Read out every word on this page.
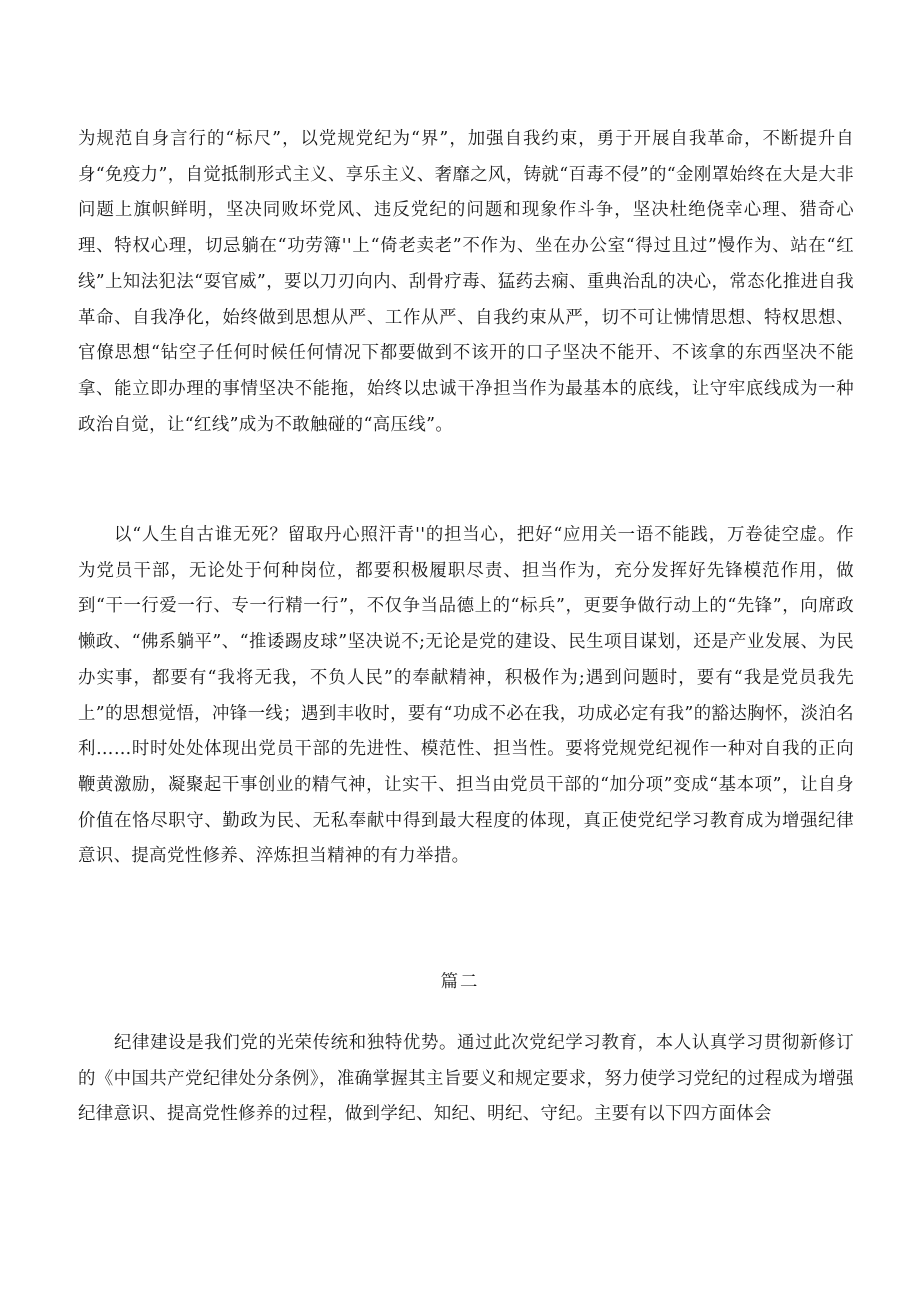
为规范自身言行的“标尺”，以党规党纪为“界”，加强自我约束，勇于开展自我革命，不断提升自身“免疫力”，自觉抵制形式主义、享乐主义、奢靡之风，铸就“百毒不侵”的“金刚罩始终在大是大非问题上旗帜鲜明，坚决同败坏党风、违反党纪的问题和现象作斗争，坚决杜绝侥幸心理、猎奇心理、特权心理，切忌躺在“功劳簿''上“倚老卖老”不作为、坐在办公室“得过且过”慢作为、站在“红线”上知法犯法“耍官威”，要以刀刃向内、刮骨疗毒、猛药去痫、重典治乱的决心，常态化推进自我革命、自我净化，始终做到思想从严、工作从严、自我约束从严，切不可让怫情思想、特权思想、官僚思想“钻空子任何时候任何情况下都要做到不该开的口子坚决不能开、不该拿的东西坚决不能拿、能立即办理的事情坚决不能拖，始终以忠诚干净担当作为最基本的底线，让守牢底线成为一种政治自觉，让“红线”成为不敢触碰的“高压线”。

以“人生自古谁无死？留取丹心照汗青''的担当心，把好“应用关一语不能践，万卷徒空虚。作为党员干部，无论处于何种岗位，都要积极履职尽责、担当作为，充分发挥好先锋模范作用，做到“干一行爱一行、专一行精一行”，不仅争当品德上的“标兵”，更要争做行动上的“先锋”，向席政懒政、“佛系躺平”、“推诿踢皮球”坚决说不;无论是党的建设、民生项目谋划，还是产业发展、为民办实事，都要有“我将无我，不负人民”的奉献精神，积极作为;遇到问题时，要有“我是党员我先上”的思想觉悟，冲锋一线；遇到丰收时，要有“功成不必在我，功成必定有我”的豁达胸怀，淡泊名利……时时处处体现出党员干部的先进性、模范性、担当性。要将党规党纪视作一种对自我的正向鞭黄激励，凝聚起干事创业的精气神，让实干、担当由党员干部的“加分项”变成“基本项”，让自身价值在恪尽职守、勤政为民、无私奉献中得到最大程度的体现，真正使党纪学习教育成为增强纪律意识、提高党性修养、淬炼担当精神的有力举措。

篇二

纪律建设是我们党的光荣传统和独特优势。通过此次党纪学习教育，本人认真学习贯彻新修订的《中国共产党纪律处分条例》，准确掌握其主旨要义和规定要求，努力使学习党纪的过程成为增强纪律意识、提高党性修养的过程，做到学纪、知纪、明纪、守纪。主要有以下四方面体会
